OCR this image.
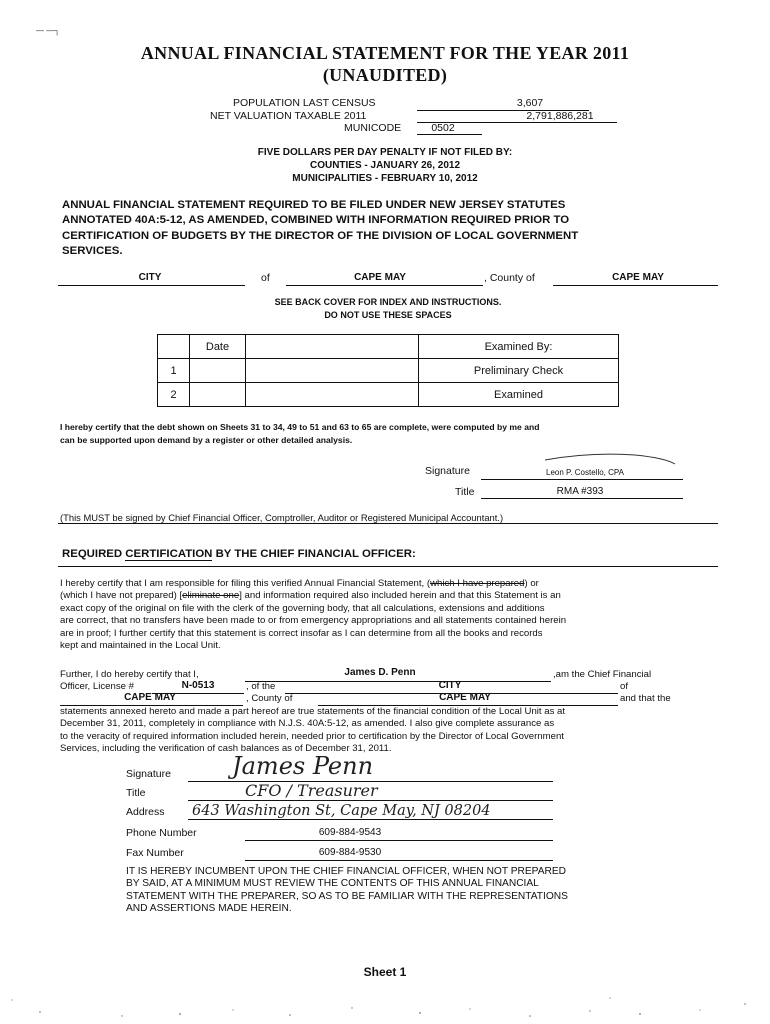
— —┐
ANNUAL FINANCIAL STATEMENT FOR THE YEAR 2011
(UNAUDITED)
POPULATION LAST CENSUS	3,607
NET VALUATION TAXABLE 2011	2,791,886,281
MUNICODE	0502
FIVE DOLLARS PER DAY PENALTY IF NOT FILED BY:
COUNTIES - JANUARY 26, 2012
MUNICIPALITIES - FEBRUARY 10, 2012
ANNUAL FINANCIAL STATEMENT REQUIRED TO BE FILED UNDER NEW JERSEY STATUTES
ANNOTATED 40A:5-12, AS AMENDED, COMBINED WITH INFORMATION REQUIRED PRIOR TO
CERTIFICATION OF BUDGETS BY THE DIRECTOR OF THE DIVISION OF LOCAL GOVERNMENT
SERVICES.
CITY	of	CAPE MAY	, County of	CAPE MAY
SEE BACK COVER FOR INDEX AND INSTRUCTIONS.
DO NOT USE THESE SPACES
	Date		Examined By:
1			Preliminary Check
2			Examined
I hereby certify that the debt shown on Sheets 31 to 34, 49 to 51 and 63 to 65 are complete, were computed by me and
can be supported upon demand by a register or other detailed analysis.
Signature	Leon P. Costello, CPA
Title	RMA #393
(This MUST be signed by Chief Financial Officer, Comptroller, Auditor or Registered Municipal Accountant.)
REQUIRED CERTIFICATION BY THE CHIEF FINANCIAL OFFICER:
I hereby certify that I am responsible for filing this verified Annual Financial Statement, (which I have prepared) or
(which I have not prepared) [eliminate one] and information required also included herein and that this Statement is an
exact copy of the original on file with the clerk of the governing body, that all calculations, extensions and additions
are correct, that no transfers have been made to or from emergency appropriations and all statements contained herein
are in proof; I further certify that this statement is correct insofar as I can determine from all the books and records
kept and maintained in the Local Unit.
Further, I do hereby certify that I,	James D. Penn	,am the Chief Financial
Officer, License #	N-0513	, of the	CITY	of
CAPE MAY	, County of	CAPE MAY	and that the
statements annexed hereto and made a part hereof are true statements of the financial condition of the Local Unit as at
December 31, 2011, completely in compliance with N.J.S. 40A:5-12, as amended. I also give complete assurance as
to the veracity of required information included herein, needed prior to certification by the Director of Local Government
Services, including the verification of cash balances as of December 31, 2011.
Signature	James Penn
Title	CFO / Treasurer
Address 643 Washington St, Cape May, NJ 08204
Phone Number	609-884-9543
Fax Number	609-884-9530
IT IS HEREBY INCUMBENT UPON THE CHIEF FINANCIAL OFFICER, WHEN NOT PREPARED
BY SAID, AT A MINIMUM MUST REVIEW THE CONTENTS OF THIS ANNUAL FINANCIAL
STATEMENT WITH THE PREPARER, SO AS TO BE FAMILIAR WITH THE REPRESENTATIONS
AND ASSERTIONS MADE HEREIN.
Sheet 1
